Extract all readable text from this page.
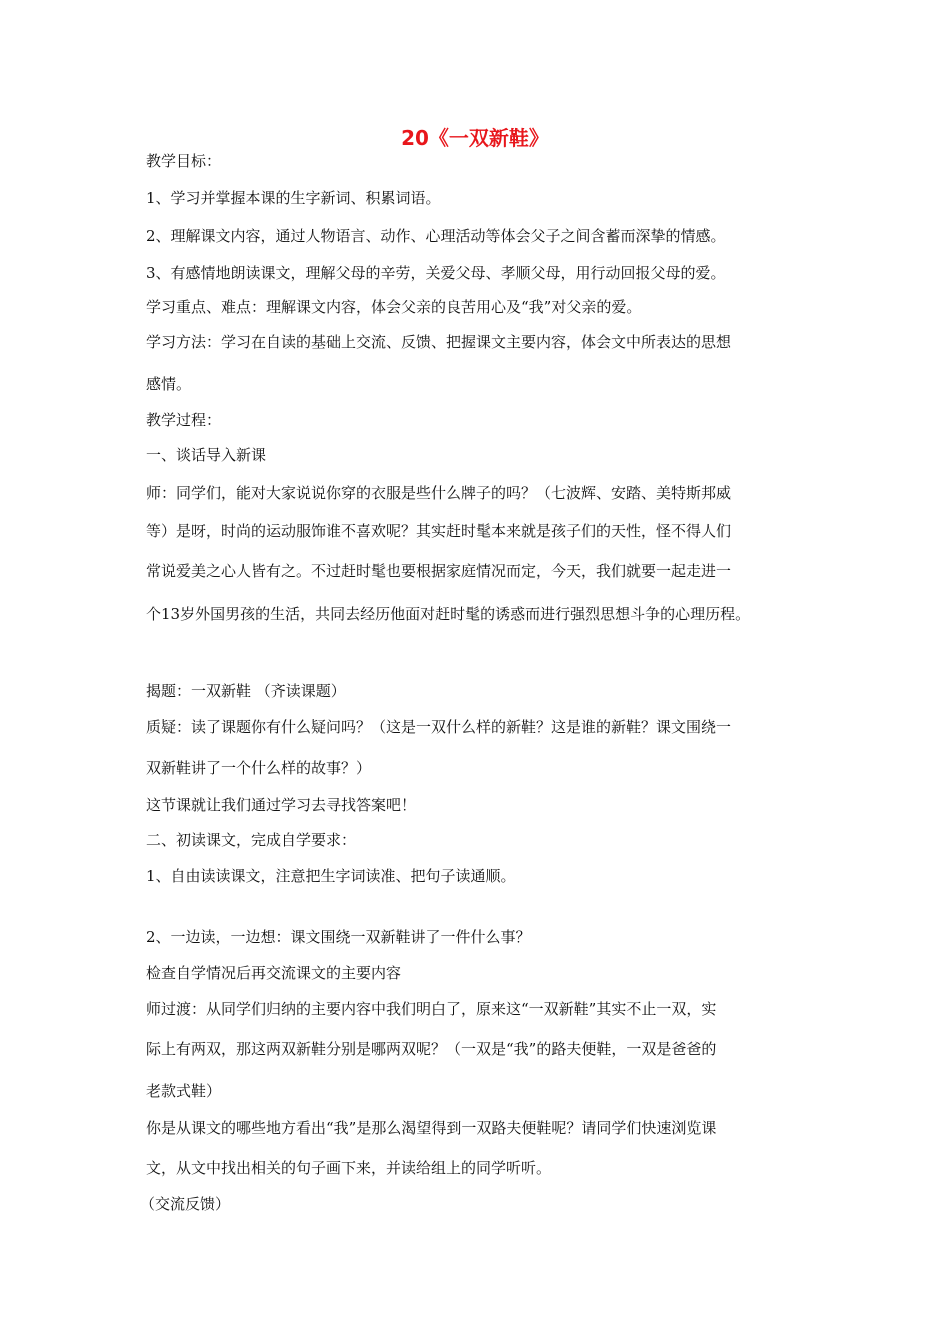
20《一双新鞋》

教学目标：

1、学习并掌握本课的生字新词、积累词语。

2、理解课文内容，通过人物语言、动作、心理活动等体会父子之间含蓄而深挚的情感。

3、有感情地朗读课文，理解父母的辛劳，关爱父母、孝顺父母，用行动回报父母的爱。

学习重点、难点：理解课文内容，体会父亲的良苦用心及“我”对父亲的爱。

学习方法：学习在自读的基础上交流、反馈、把握课文主要内容，体会文中所表达的思想

感情。

教学过程：

一、谈话导入新课

师：同学们，能对大家说说你穿的衣服是些什么牌子的吗？（七波辉、安踏、美特斯邦威

等）是呀，时尚的运动服饰谁不喜欢呢？其实赶时髦本来就是孩子们的天性，怪不得人们

常说爱美之心人皆有之。不过赶时髦也要根据家庭情况而定，今天，我们就要一起走进一

个13岁外国男孩的生活，共同去经历他面对赶时髦的诱惑而进行强烈思想斗争的心理历程。

揭题：一双新鞋 （齐读课题）

质疑：读了课题你有什么疑问吗？（这是一双什么样的新鞋？这是谁的新鞋？课文围绕一

双新鞋讲了一个什么样的故事？）

这节课就让我们通过学习去寻找答案吧！

二、初读课文，完成自学要求：

1、自由读读课文，注意把生字词读准、把句子读通顺。

2、一边读，一边想：课文围绕一双新鞋讲了一件什么事？

检查自学情况后再交流课文的主要内容

师过渡：从同学们归纳的主要内容中我们明白了，原来这“一双新鞋”其实不止一双，实

际上有两双，那这两双新鞋分别是哪两双呢？（一双是“我”的路夫便鞋，一双是爸爸的

老款式鞋）

你是从课文的哪些地方看出“我”是那么渴望得到一双路夫便鞋呢？请同学们快速浏览课

文，从文中找出相关的句子画下来，并读给组上的同学听听。

（交流反馈）
